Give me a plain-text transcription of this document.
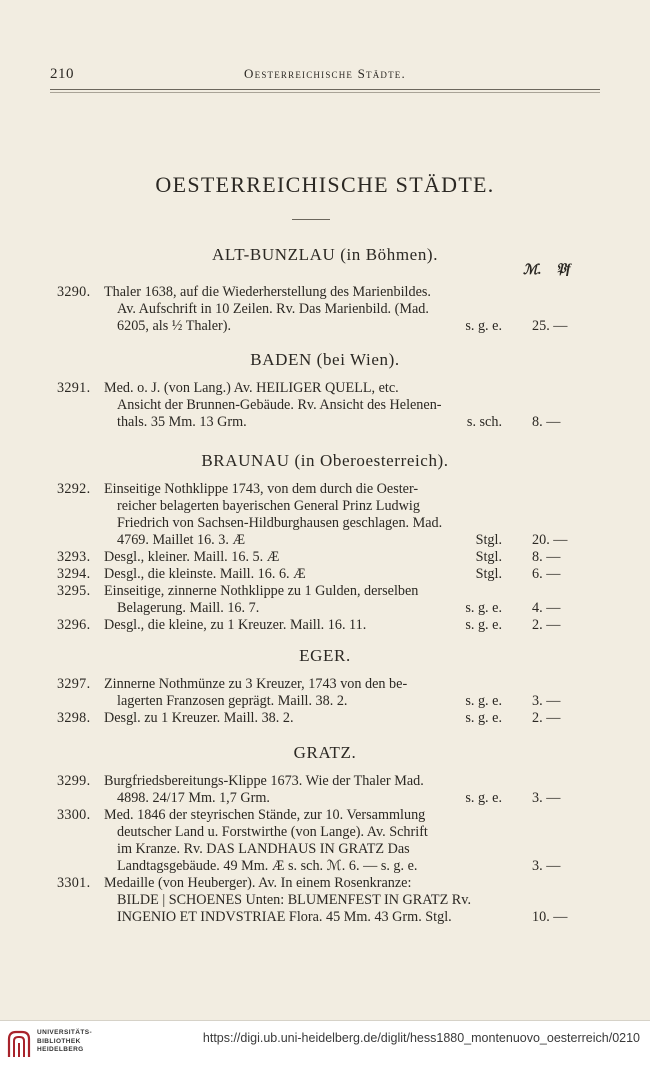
210	Oesterreichische Städte.
OESTERREICHISCHE STÄDTE.
ℳ. 𝔓f
ALT-BUNZLAU (in Böhmen).
3290. Thaler 1638, auf die Wiederherstellung des Marienbildes.
Av. Aufschrift in 10 Zeilen. Rv. Das Marienbild. (Mad.
6205, als ½ Thaler).	s. g. e. 25. —
BADEN (bei Wien).
3291. Med. o. J. (von Lang.) Av. HEILIGER QUELL, etc.
Ansicht der Brunnen-Gebäude. Rv. Ansicht des Helenen-
thals. 35 Mm. 13 Grm.	s. sch. 8. —
BRAUNAU (in Oberoesterreich).
3292. Einseitige Nothklippe 1743, von dem durch die Oester-
reicher belagerten bayerischen General Prinz Ludwig
Friedrich von Sachsen-Hildburghausen geschlagen. Mad.
4769. Maillet 16. 3. Æ	Stgl. 20. —
3293. Desgl., kleiner. Maill. 16. 5. Æ	Stgl. 8. —
3294. Desgl., die kleinste. Maill. 16. 6. Æ	Stgl. 6. —
3295. Einseitige, zinnerne Nothklippe zu 1 Gulden, derselben
Belagerung. Maill. 16. 7.	s. g. e. 4. —
3296. Desgl., die kleine, zu 1 Kreuzer. Maill. 16. 11.	s. g. e. 2. —
EGER.
3297. Zinnerne Nothmünze zu 3 Kreuzer, 1743 von den be-
lagerten Franzosen geprägt. Maill. 38. 2.	s. g. e. 3. —
3298. Desgl. zu 1 Kreuzer. Maill. 38. 2.	s. g. e. 2. —
GRATZ.
3299. Burgfriedsbereitungs-Klippe 1673. Wie der Thaler Mad.
4898. 24/17 Mm. 1,7 Grm.	s. g. e. 3. —
3300. Med. 1846 der steyrischen Stände, zur 10. Versammlung
deutscher Land u. Forstwirthe (von Lange). Av. Schrift
im Kranze. Rv. DAS LANDHAUS IN GRATZ Das
Landtagsgebäude. 49 Mm. Æ s. sch. ℳ. 6. — s. g. e.	3. —
3301. Medaille (von Heuberger). Av. In einem Rosenkranze:
BILDE | SCHOENES Unten: BLUMENFEST IN GRATZ Rv.
INGENIO ET INDVSTRIAE Flora. 45 Mm. 43 Grm. Stgl.	10. —
UNIVERSITÄTS-
BIBLIOTHEK
HEIDELBERG
https://digi.ub.uni-heidelberg.de/diglit/hess1880_montenuovo_oesterreich/0210
